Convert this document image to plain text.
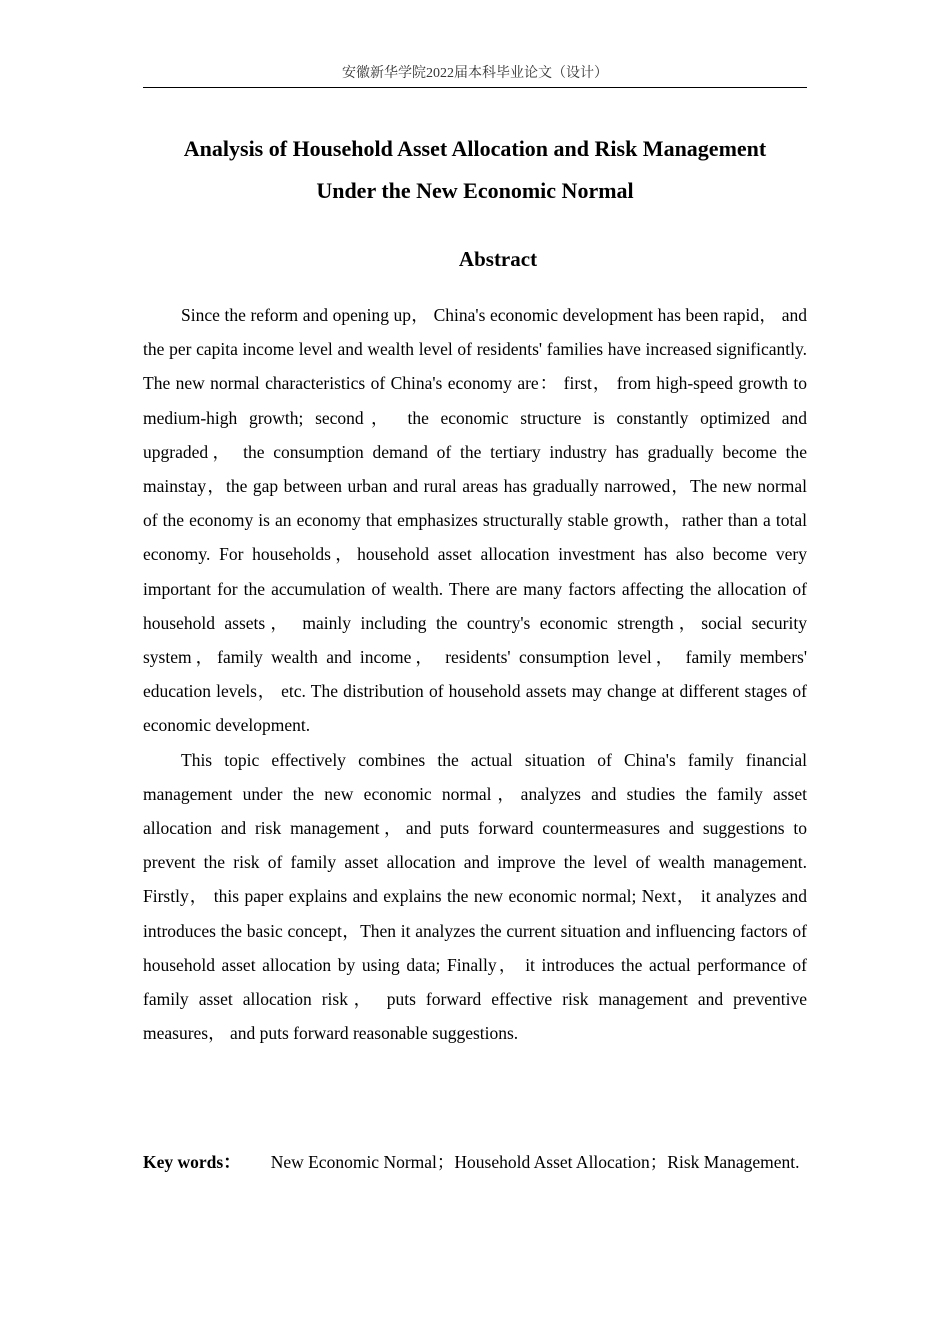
安徽新华学院2022届本科毕业论文（设计）
Analysis of Household Asset Allocation and Risk Management
Under the New Economic Normal
Abstract

Since the reform and opening up， China's economic development has been rapid， and the per capita income level and wealth level of residents' families have increased significantly. The new normal characteristics of China's economy are： first， from high-speed growth to medium-high growth; second， the economic structure is constantly optimized and upgraded， the consumption demand of the tertiary industry has gradually become the mainstay，the gap between urban and rural areas has gradually narrowed，The new normal of the economy is an economy that emphasizes structurally stable growth，rather than a total economy. For households，household asset allocation investment has also become very important for the accumulation of wealth. There are many factors affecting the allocation of household assets， mainly including the country's economic strength，social security system，family wealth and income， residents' consumption level， family members' education levels， etc. The distribution of household assets may change at different stages of economic development.

This topic effectively combines the actual situation of China's family financial management under the new economic normal，analyzes and studies the family asset allocation and risk management，and puts forward countermeasures and suggestions to prevent the risk of family asset allocation and improve the level of wealth management. Firstly， this paper explains and explains the new economic normal; Next， it analyzes and introduces the basic concept，Then it analyzes the current situation and influencing factors of household asset allocation by using data; Finally， it introduces the actual performance of family asset allocation risk， puts forward effective risk management and preventive measures， and puts forward reasonable suggestions.

Key words： New Economic Normal；Household Asset Allocation；Risk Management.
